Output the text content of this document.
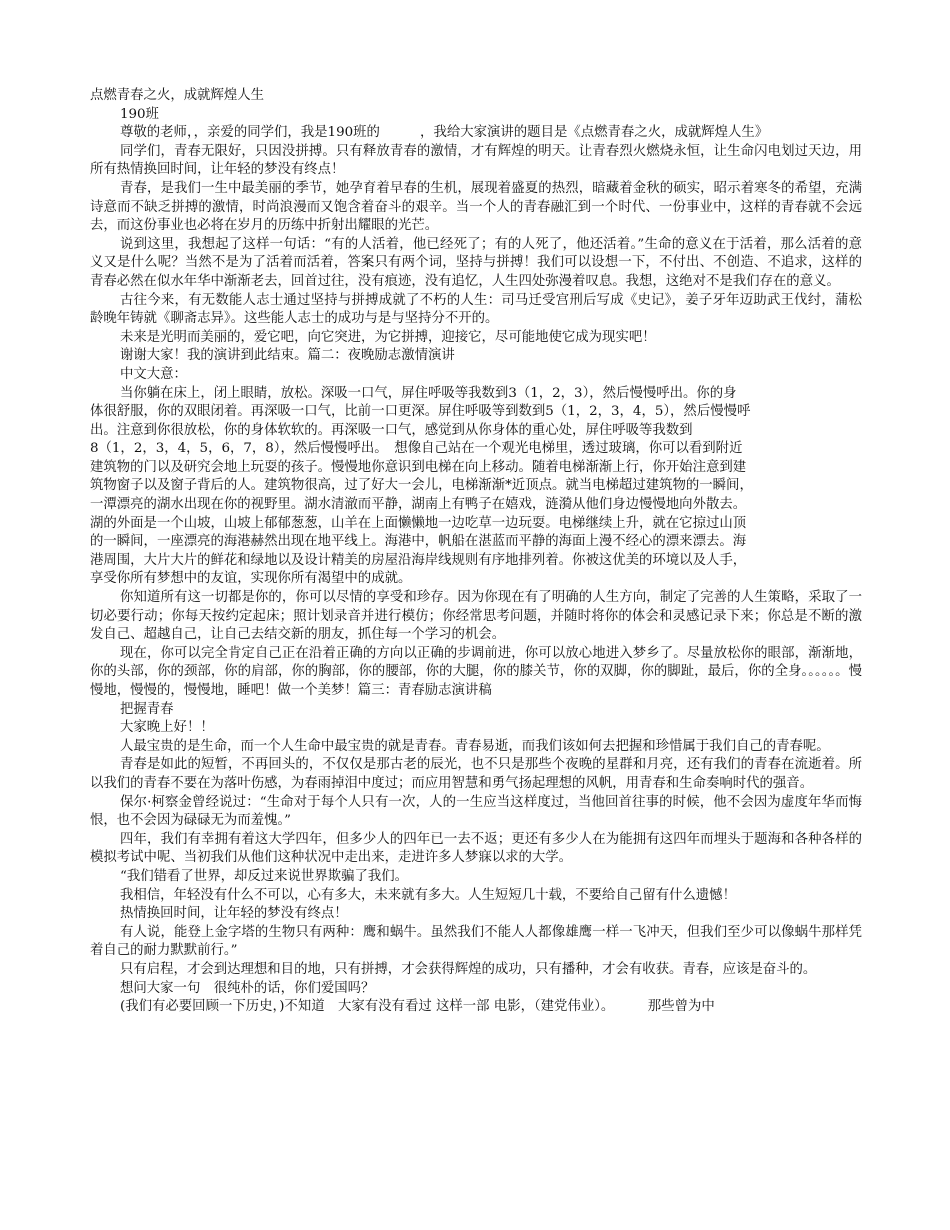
点燃青春之火，成就辉煌人生
190班
尊敬的老师，，亲爱的同学们，我是190班的　　　，我给大家演讲的题目是《点燃青春之火，成就辉煌人生》
同学们，青春无限好，只因没拼搏。只有释放青春的激情，才有辉煌的明天。让青春烈火燃烧永恒，让生命闪电划过天边，用所有热情换回时间，让年轻的梦没有终点！
青春，是我们一生中最美丽的季节，她孕育着早春的生机，展现着盛夏的热烈，暗藏着金秋的硕实，昭示着寒冬的希望，充满诗意而不缺乏拼搏的激情，时尚浪漫而又饱含着奋斗的艰辛。当一个人的青春融汇到一个时代、一份事业中，这样的青春就不会远去，而这份事业也必将在岁月的历练中折射出耀眼的光芒。
说到这里，我想起了这样一句话：“有的人活着，他已经死了；有的人死了，他还活着。”生命的意义在于活着，那么活着的意义又是什么呢？当然不是为了活着而活着，答案只有两个词，坚持与拼搏！我们可以设想一下，不付出、不创造、不追求，这样的青春必然在似水年华中渐渐老去，回首过往，没有痕迹，没有追忆，人生四处弥漫着叹息。我想，这绝对不是我们存在的意义。
古往今来，有无数能人志士通过坚持与拼搏成就了不朽的人生：司马迁受宫刑后写成《史记》，姜子牙年迈助武王伐纣，蒲松龄晚年铸就《聊斋志异》。这些能人志士的成功与是与坚持分不开的。
未来是光明而美丽的，爱它吧，向它突进，为它拼搏，迎接它，尽可能地使它成为现实吧！
谢谢大家！我的演讲到此结束。篇二：夜晚励志激情演讲
中文大意：
当你躺在床上，闭上眼睛，放松。深吸一口气，屏住呼吸等我数到3（1，2，3），然后慢慢呼出。你的身
体很舒服，你的双眼闭着。再深吸一口气，比前一口更深。屏住呼吸等到数到5（1，2，3，4，5），然后慢慢呼
出。注意到你很放松，你的身体软软的。再深吸一口气，感觉到从你身体的重心处，屏住呼吸等我数到
8（1，2，3，4，5，6，7，8），然后慢慢呼出。　想像自己站在一个观光电梯里，透过玻璃，你可以看到附近
建筑物的门以及研究会地上玩耍的孩子。慢慢地你意识到电梯在向上移动。随着电梯渐渐上行，你开始注意到建
筑物窗子以及窗子背后的人。建筑物很高，过了好大一会儿，电梯渐渐*近顶点。就当电梯超过建筑物的一瞬间，
一潭漂亮的湖水出现在你的视野里。湖水清澈而平静，湖南上有鸭子在嬉戏，涟漪从他们身边慢慢地向外散去。
湖的外面是一个山坡，山坡上郁郁葱葱，山羊在上面懒懒地一边吃草一边玩耍。电梯继续上升，就在它掠过山顶
的一瞬间，一座漂亮的海港赫然出现在地平线上。海港中，帆船在湛蓝而平静的海面上漫不经心的漂来漂去。海
港周围，大片大片的鲜花和绿地以及设计精美的房屋沿海岸线规则有序地排列着。你被这优美的环境以及人手，
享受你所有梦想中的友谊，实现你所有渴望中的成就。
你知道所有这一切都是你的，你可以尽情的享受和珍存。因为你现在有了明确的人生方向，制定了完善的人生策略，采取了一切必要行动；你每天按约定起床；照计划录音并进行模仿；你经常思考问题，并随时将你的体会和灵感记录下来；你总是不断的激发自己、超越自己，让自己去结交新的朋友，抓住每一个学习的机会。
现在，你可以完全肯定自己正在沿着正确的方向以正确的步调前进，你可以放心地进入梦乡了。尽量放松你的眼部，渐渐地，你的头部，你的颈部，你的肩部，你的胸部，你的腰部，你的大腿，你的膝关节，你的双脚，你的脚趾，最后，你的全身。。。。。。慢慢地，慢慢的，慢慢地，睡吧！做一个美梦！篇三：青春励志演讲稿
把握青春
大家晚上好！！
人最宝贵的是生命，而一个人生命中最宝贵的就是青春。青春易逝，而我们该如何去把握和珍惜属于我们自己的青春呢。
青春是如此的短暂，不再回头的，不仅仅是那古老的辰光，也不只是那些个夜晚的星群和月亮，还有我们的青春在流逝着。所以我们的青春不要在为落叶伤感，为春雨掉泪中度过；而应用智慧和勇气扬起理想的风帆，用青春和生命奏响时代的强音。
保尔·柯察金曾经说过：“生命对于每个人只有一次，人的一生应当这样度过，当他回首往事的时候，他不会因为虚度年华而悔恨，也不会因为碌碌无为而羞愧。”
四年，我们有幸拥有着这大学四年，但多少人的四年已一去不返；更还有多少人在为能拥有这四年而埋头于题海和各种各样的模拟考试中呢、当初我们从他们这种状况中走出来，走进许多人梦寐以求的大学。
“我们错看了世界，却反过来说世界欺骗了我们。
我相信，年轻没有什么不可以，心有多大，未来就有多大。人生短短几十载，不要给自己留有什么遗憾！
热情换回时间，让年轻的梦没有终点！
有人说，能登上金字塔的生物只有两种：鹰和蜗牛。虽然我们不能人人都像雄鹰一样一飞冲天，但我们至少可以像蜗牛那样凭着自己的耐力默默前行。”
只有启程，才会到达理想和目的地，只有拼搏，才会获得辉煌的成功，只有播种，才会有收获。青春，应该是奋斗的。
想问大家一句　很纯朴的话，你们爱国吗？
(我们有必要回顾一下历史，)不知道　大家有没有看过 这样一部 电影，（建党伟业）。　　　那些曾为中
